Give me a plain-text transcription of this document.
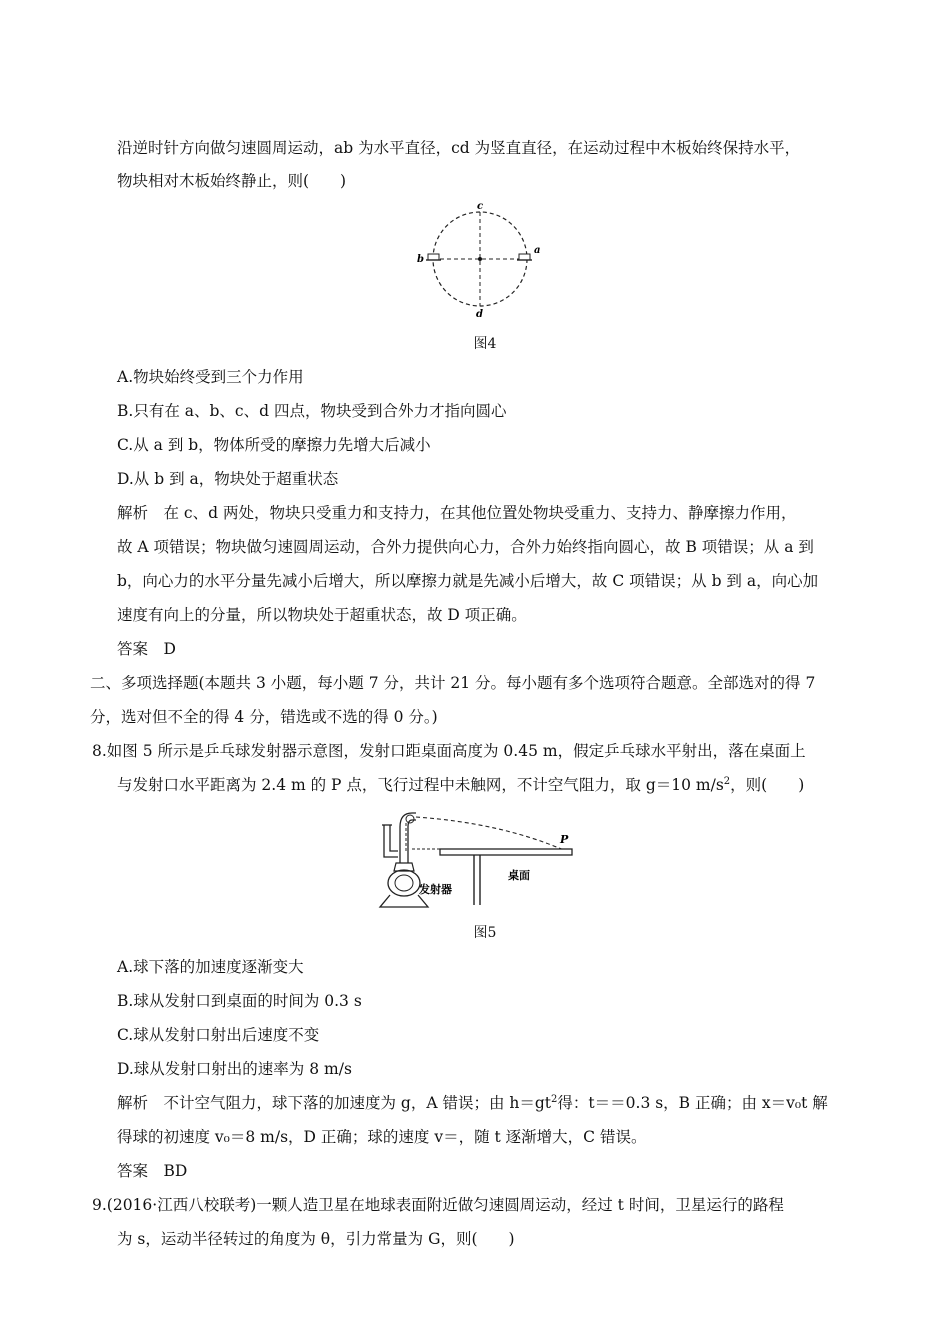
沿逆时针方向做匀速圆周运动，ab 为水平直径，cd 为竖直直径，在运动过程中木板始终保持水平，
物块相对木板始终静止，则(　　)
c
d
b
a
图4
A.物块始终受到三个力作用
B.只有在 a、b、c、d 四点，物块受到合外力才指向圆心
C.从 a 到 b，物体所受的摩擦力先增大后减小
D.从 b 到 a，物块处于超重状态
解析　在 c、d 两处，物块只受重力和支持力，在其他位置处物块受重力、支持力、静摩擦力作用，
故 A 项错误；物块做匀速圆周运动，合外力提供向心力，合外力始终指向圆心，故 B 项错误；从 a 到
b，向心力的水平分量先减小后增大，所以摩擦力就是先减小后增大，故 C 项错误；从 b 到 a，向心加
速度有向上的分量，所以物块处于超重状态，故 D 项正确。
答案　D
二、多项选择题(本题共 3 小题，每小题 7 分，共计 21 分。每小题有多个选项符合题意。全部选对的得 7
分，选对但不全的得 4 分，错选或不选的得 0 分。)
8.如图 5 所示是乒乓球发射器示意图，发射口距桌面高度为 0.45 m，假定乒乓球水平射出，落在桌面上
与发射口水平距离为 2.4 m 的 P 点，飞行过程中未触网，不计空气阻力，取 g＝10 $m/s^2$，则(　　)
P
桌面
发射器
图5
A.球下落的加速度逐渐变大
B.球从发射口到桌面的时间为 0.3 s
C.球从发射口射出后速度不变
D.球从发射口射出的速率为 8 m/s
解析　不计空气阻力，球下落的加速度为 g，A 错误；由 $h=gt^2$得：t＝＝0.3 s，B 正确；由 x＝v₀t 解
得球的初速度 v₀＝8 m/s，D 正确；球的速度 v＝，随 t 逐渐增大，C 错误。
答案　BD
9.(2016·江西八校联考)一颗人造卫星在地球表面附近做匀速圆周运动，经过 t 时间，卫星运行的路程
为 s，运动半径转过的角度为 θ，引力常量为 G，则(　　)
